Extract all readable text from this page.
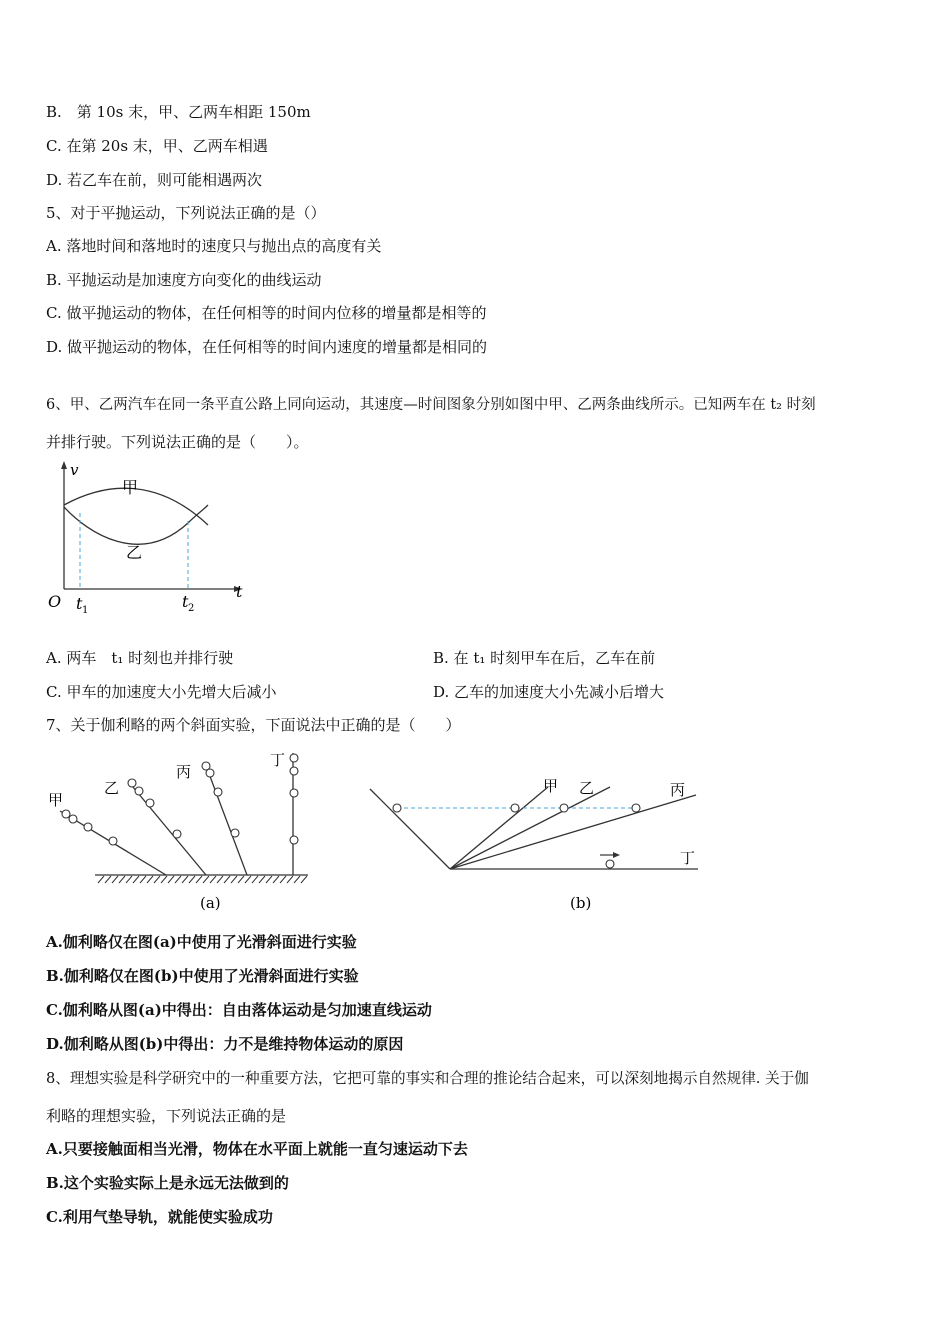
B.　第 10s 末，甲、乙两车相距 150m
C. 在第 20s 末，甲、乙两车相遇
D. 若乙车在前，则可能相遇两次
5、对于平抛运动，下列说法正确的是（）
A. 落地时间和落地时的速度只与抛出点的高度有关
B. 平抛运动是加速度方向变化的曲线运动
C. 做平抛运动的物体，在任何相等的时间内位移的增量都是相等的
D. 做平抛运动的物体，在任何相等的时间内速度的增量都是相同的
6、甲、乙两汽车在同一条平直公路上同向运动，其速度—时间图象分别如图中甲、乙两条曲线所示。已知两车在 t₂ 时刻
并排行驶。下列说法正确的是（　　）。
v
甲
乙
O t 1	t 2
t
A. 两车　t₁ 时刻也并排行驶	B. 在 t₁ 时刻甲车在后，乙车在前
C. 甲车的加速度大小先增大后减小	D. 乙车的加速度大小先减小后增大
7、关于伽利略的两个斜面实验，下面说法中正确的是（　　）
甲
乙
丙
丁
(a)
甲 乙	丙
丁
(b)
A.伽利略仅在图(a)中使用了光滑斜面进行实验
B.伽利略仅在图(b)中使用了光滑斜面进行实验
C.伽利略从图(a)中得出：自由落体运动是匀加速直线运动
D.伽利略从图(b)中得出：力不是维持物体运动的原因
8、理想实验是科学研究中的一种重要方法，它把可靠的事实和合理的推论结合起来，可以深刻地揭示自然规律. 关于伽
利略的理想实验，下列说法正确的是
A.只要接触面相当光滑，物体在水平面上就能一直匀速运动下去
B.这个实验实际上是永远无法做到的
C.利用气垫导轨，就能使实验成功
